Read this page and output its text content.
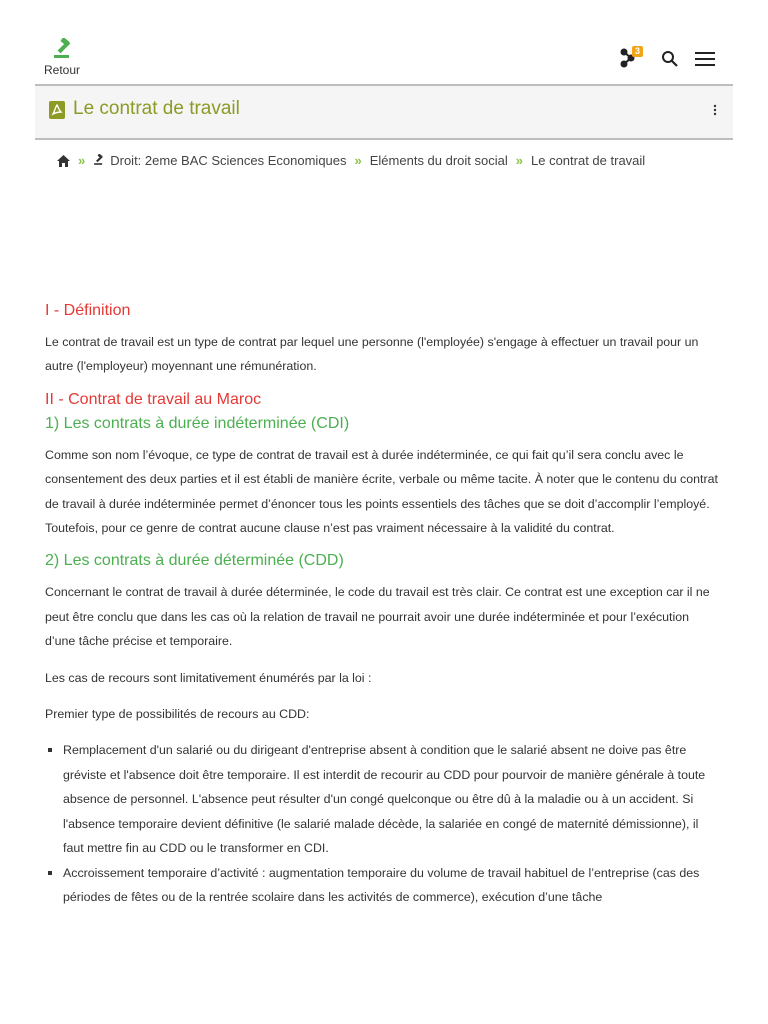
Retour
3
Le contrat de travail
» Droit: 2eme BAC Sciences Economiques » Eléments du droit social » Le contrat de travail
I - Définition

Le contrat de travail est un type de contrat par lequel une personne (l'employée) s'engage à effectuer un travail pour un autre (l'employeur) moyennant une rémunération.

II - Contrat de travail au Maroc
1) Les contrats à durée indéterminée (CDI)

Comme son nom l’évoque, ce type de contrat de travail est à durée indéterminée, ce qui fait qu’il sera conclu avec le consentement des deux parties et il est établi de manière écrite, verbale ou même tacite. À noter que le contenu du contrat de travail à durée indéterminée permet d’énoncer tous les points essentiels des tâches que se doit d’accomplir l’employé. Toutefois, pour ce genre de contrat aucune clause n’est pas vraiment nécessaire à la validité du contrat.

2) Les contrats à durée déterminée (CDD)

Concernant le contrat de travail à durée déterminée, le code du travail est très clair. Ce contrat est une exception car il ne peut être conclu que dans les cas où la relation de travail ne pourrait avoir une durée indéterminée et pour l’exécution d’une tâche précise et temporaire.

Les cas de recours sont limitativement énumérés par la loi :

Premier type de possibilités de recours au CDD:

Remplacement d'un salarié ou du dirigeant d'entreprise absent à condition que le salarié absent ne doive pas être gréviste et l'absence doit être temporaire. Il est interdit de recourir au CDD pour pourvoir de manière générale à toute absence de personnel. L'absence peut résulter d'un congé quelconque ou être dû à la maladie ou à un accident. Si l'absence temporaire devient définitive (le salarié malade décède, la salariée en congé de maternité démissionne), il faut mettre fin au CDD ou le transformer en CDI.
Accroissement temporaire d’activité : augmentation temporaire du volume de travail habituel de l’entreprise (cas des périodes de fêtes ou de la rentrée scolaire dans les activités de commerce), exécution d’une tâche
